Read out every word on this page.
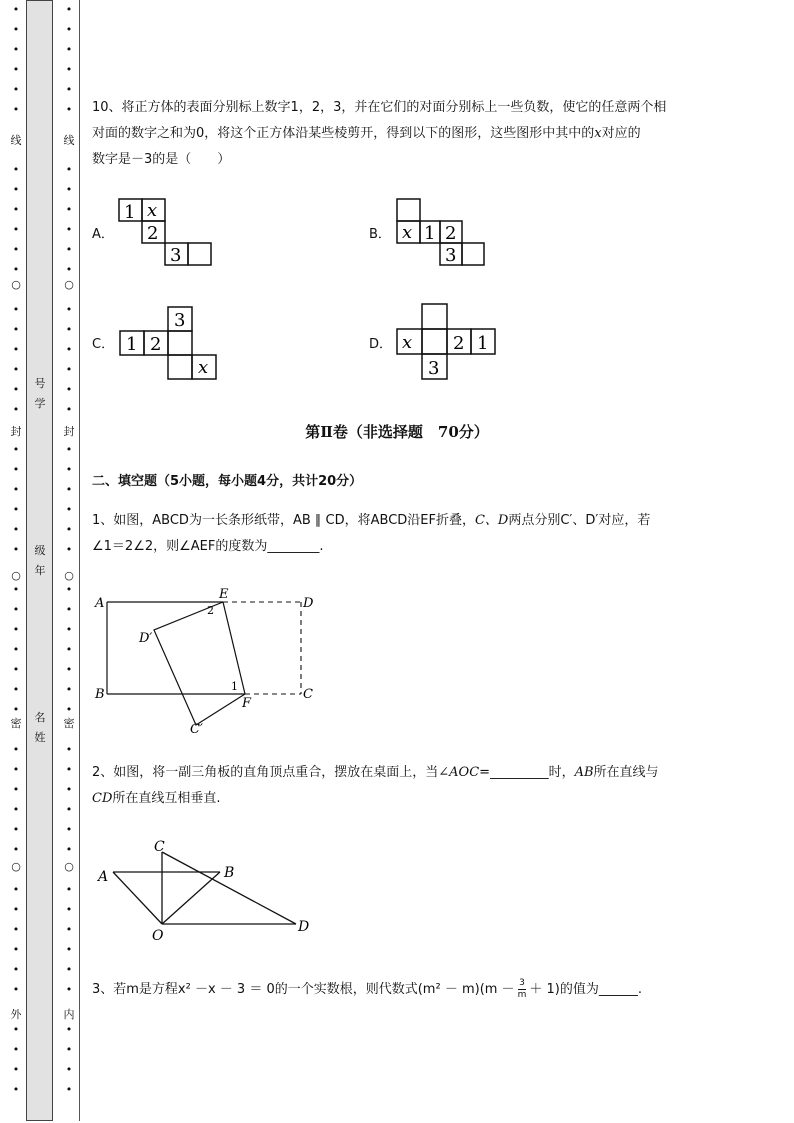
•
•
•
•
•
•
•
•
•
•
•
•
•
•
•
•
•
•
•
•
•
•
•
•
•
•
•
•
•
•
•
•
•
•
•
•
•
•
•
•
•
•
•
•
•
•
•
线
○
封
○
密
○
外
•
•
•
•
•
•
•
•
•
•
•
•
•
•
•
•
•
•
•
•
•
•
•
•
•
•
•
•
•
•
•
•
•
•
•
•
•
•
•
•
•
•
•
•
•
•
•
线
○
封
○
密
○
内
号
学
级
年
名
姓
10、将正方体的表面分别标上数字1，2，3，并在它们的对面分别标上一些负数，使它的任意两个相
对面的数字之和为0，将这个正方体沿某些棱剪开，得到以下的图形，这些图形中其中的x对应的
数字是－3的是（　　）
A．
1 x
2
3
B． x 1 2
3
C．
3
1 2
x
D． x 2 1
3
第Ⅱ卷（非选择题　70分）
二、填空题（5小题，每小题4分，共计20分）
1、如图，ABCD为一长条形纸带，AB ∥ CD，将ABCD沿EF折叠，C、D两点分别C′、D′对应，若
∠1＝2∠2，则∠AEF的度数为________.
A
B	C
D
E
F
C′
D′
1
2
2、如图，将一副三角板的直角顶点重合，摆放在桌面上，当∠AOC=_________时，AB所在直线与
CD所在直线互相垂直.
C
A	B
D
O
3、若m是方程x² －x － 3 ＝ 0的一个实数根，则代数式$(m^2 - m)(m - \frac{3}{m} + 1)$的值为______.
